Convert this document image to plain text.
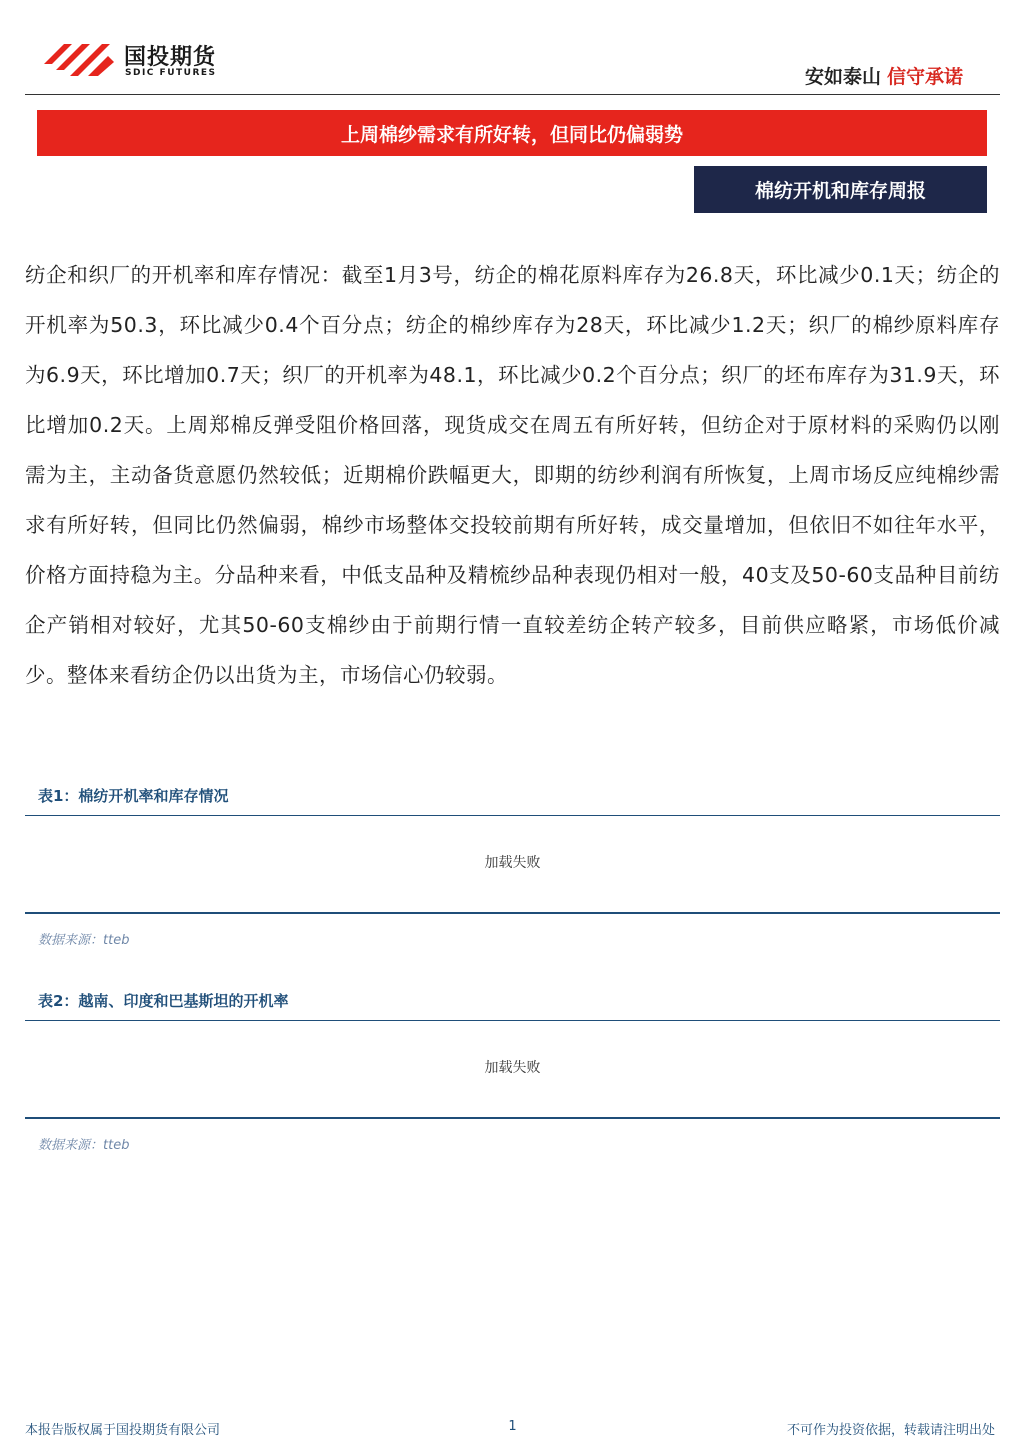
国投期货
SDIC FUTURES	安如泰山 信守承诺
上周棉纱需求有所好转，但同比仍偏弱势
棉纺开机和库存周报
纺企和织厂的开机率和库存情况：截至1月3号，纺企的棉花原料库存为26.8天，环比减少0.1天；纺企的开机率为50.3，环比减少0.4个百分点；纺企的棉纱库存为28天，环比减少1.2天；织厂的棉纱原料库存为6.9天，环比增加0.7天；织厂的开机率为48.1，环比减少0.2个百分点；织厂的坯布库存为31.9天，环比增加0.2天。上周郑棉反弹受阻价格回落，现货成交在周五有所好转，但纺企对于原材料的采购仍以刚需为主，主动备货意愿仍然较低；近期棉价跌幅更大，即期的纺纱利润有所恢复，上周市场反应纯棉纱需求有所好转，但同比仍然偏弱，棉纱市场整体交投较前期有所好转，成交量增加，但依旧不如往年水平，价格方面持稳为主。分品种来看，中低支品种及精梳纱品种表现仍相对一般，40支及50-60支品种目前纺企产销相对较好，尤其50-60支棉纱由于前期行情一直较差纺企转产较多，目前供应略紧，市场低价减少。整体来看纺企仍以出货为主，市场信心仍较弱。
表1：棉纺开机率和库存情况
加载失败
数据来源：tteb
表2：越南、印度和巴基斯坦的开机率
加载失败
数据来源：tteb
本报告版权属于国投期货有限公司	1	不可作为投资依据，转载请注明出处
